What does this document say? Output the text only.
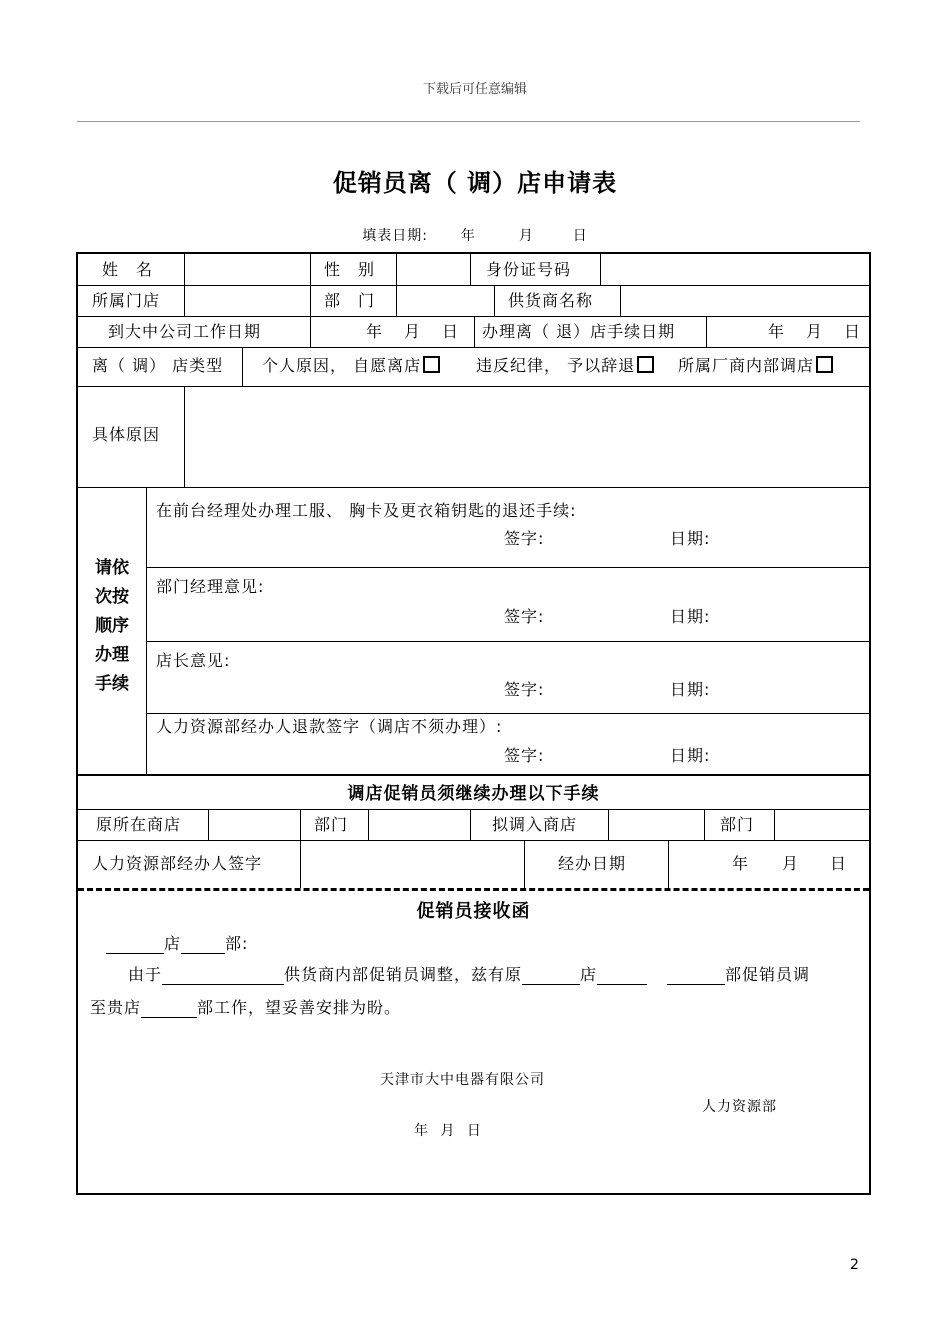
下载后可任意编辑
促销员离（ 调）店申请表
填表日期: 年	月	日
姓　名	性　别	身份证号码
所属门店	部　门	供货商名称
到大中公司工作日期	年 月 日 办理离（ 退）店手续日期	年 月 日
离（ 调） 店类型 个人原因， 自愿离店	违反纪律， 予以辞退	所属厂商内部调店
具体原因
请依
次按
顺序
办理
手续
在前台经理处办理工服、 胸卡及更衣箱钥匙的退还手续:
签字:	日期:
部门经理意见:
签字:	日期:
店长意见:
签字:	日期:
人力资源部经办人退款签字（调店不须办理）:
签字:	日期:
调店促销员须继续办理以下手续
原所在商店	部门	拟调入商店	部门
人力资源部经办人签字	经办日期	年 月 日
促销员接收函
店	部:
由于	供货商内部促销员调整，兹有原	店	部促销员调
至贵店	部工作，望妥善安排为盼。
天津市大中电器有限公司
人力资源部
年 月 日
2
